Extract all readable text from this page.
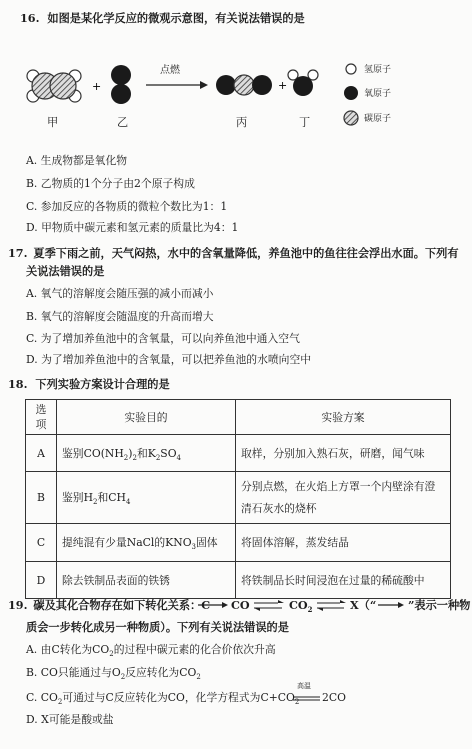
16. 如图是某化学反应的微观示意图，有关说法错误的是
+	+
点燃
甲	乙	丙	丁
氢原子
氧原子
碳原子
A. 生成物都是氧化物
B. 乙物质的1个分子由2个原子构成
C. 参加反应的各物质的微粒个数比为1：1
D. 甲物质中碳元素和氢元素的质量比为4：1
17. 夏季下雨之前，天气闷热，水中的含氧量降低，养鱼池中的鱼往往会浮出水面。下列有
关说法错误的是
A. 氧气的溶解度会随压强的减小而减小
B. 氧气的溶解度会随温度的升高而增大
C. 为了增加养鱼池中的含氧量，可以向养鱼池中通入空气
D. 为了增加养鱼池中的含氧量，可以把养鱼池的水喷向空中
18. 下列实验方案设计合理的是
选项	实验目的	实验方案
A	鉴别$CO(NH_2)_2$和$K_2SO_4$	取样，分别加入熟石灰，研磨，闻气味
B	鉴别$H_2$和$CH_4$	分别点燃，在火焰上方罩一个内壁涂有澄
清石灰水的烧杯
C	提纯混有少量NaCl的$KNO_3$固体	将固体溶解，蒸发结晶
D	除去铁制品表面的铁锈	将铁制品长时间浸泡在过量的稀硫酸中
19. 碳及其化合物存在如下转化关系：C CO	$CO_2$	X（“	”表示一种物
质会一步转化成另一种物质）。下列有关说法错误的是
A. 由C转化为$CO_2$的过程中碳元素的化合价依次升高
B. CO只能通过与$O_2$反应转化为$CO_2$
C. $CO_2$可通过与C反应转化为CO，化学方程式为$C+CO_2$
高温
2CO
D. X可能是酸或盐
